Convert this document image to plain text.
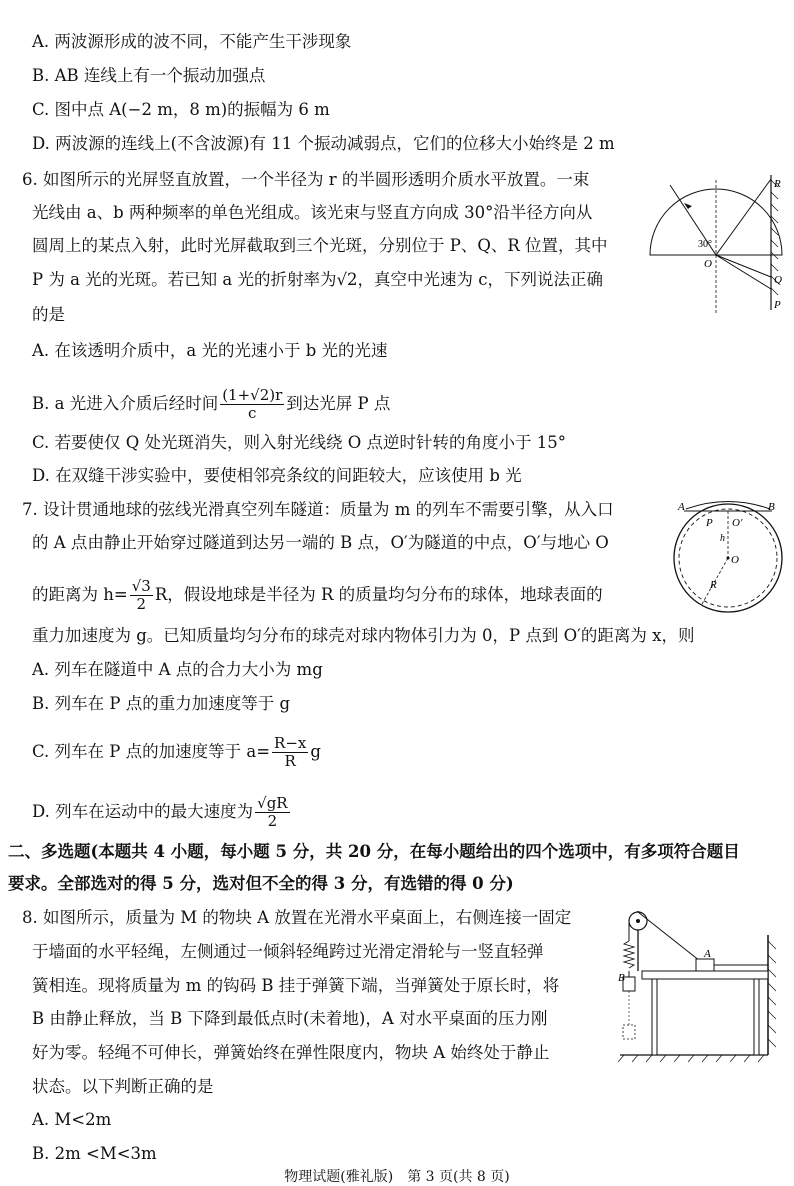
A. 两波源形成的波不同，不能产生干涉现象
B. AB 连线上有一个振动加强点
C. 图中点 A(−2 m，8 m)的振幅为 6 m
D. 两波源的连线上(不含波源)有 11 个振动减弱点，它们的位移大小始终是 2 m
6. 如图所示的光屏竖直放置，一个半径为 r 的半圆形透明介质水平放置。一束
光线由 a、b 两种频率的单色光组成。该光束与竖直方向成 30°沿半径方向从
圆周上的某点入射，此时光屏截取到三个光斑，分别位于 P、Q、R 位置，其中
P 为 a 光的光斑。若已知 a 光的折射率为√2，真空中光速为 c，下列说法正确
的是
A. 在该透明介质中，a 光的光速小于 b 光的光速
B. a 光进入介质后经时间 $\frac{(1+√2)r}{c}$ 到达光屏 P 点
C. 若要使仅 Q 处光斑消失，则入射光线绕 O 点逆时针转的角度小于 15°
D. 在双缝干涉实验中，要使相邻亮条纹的间距较大，应该使用 b 光
30°
O
R
Q
P
7. 设计贯通地球的弦线光滑真空列车隧道：质量为 m 的列车不需要引擎，从入口
的 A 点由静止开始穿过隧道到达另一端的 B 点，O′为隧道的中点，O′与地心 O
的距离为 $h= \frac{√3}{2}$ R，假设地球是半径为 R 的质量均匀分布的球体，地球表面的
重力加速度为 g。已知质量均匀分布的球壳对球内物体引力为 0，P 点到 O′的距离为 x，则
A. 列车在隧道中 A 点的合力大小为 mg
B. 列车在 P 点的重力加速度等于 g
C. 列车在 P 点的加速度等于 $a= \frac{R-x}{R}$ g
D. 列车在运动中的最大速度为 $\frac{√gR}{2}$
A	B
P O′
h
O
R
二、多选题(本题共 4 小题，每小题 5 分，共 20 分，在每小题给出的四个选项中，有多项符合题目
要求。全部选对的得 5 分，选对但不全的得 3 分，有选错的得 0 分)
8. 如图所示，质量为 M 的物块 A 放置在光滑水平桌面上，右侧连接一固定
于墙面的水平轻绳，左侧通过一倾斜轻绳跨过光滑定滑轮与一竖直轻弹
簧相连。现将质量为 m 的钩码 B 挂于弹簧下端，当弹簧处于原长时，将
B 由静止释放，当 B 下降到最低点时(未着地)，A 对水平桌面的压力刚
好为零。轻绳不可伸长，弹簧始终在弹性限度内，物块 A 始终处于静止
状态。以下判断正确的是
A. M<2m
B. 2m <M<3m
A
B
物理试题(雅礼版)　第 3 页(共 8 页)
